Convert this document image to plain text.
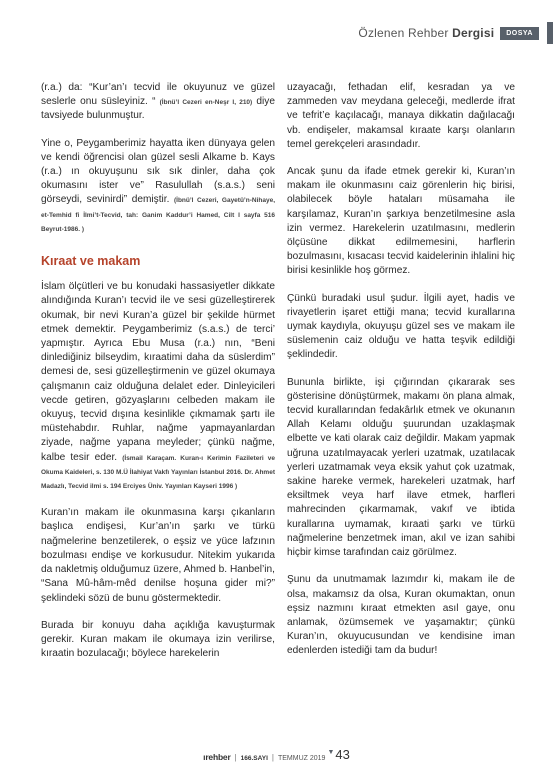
Özlenen Rehber Dergisi	DOSYA

(r.a.) da: “Kur’an’ı tecvid ile okuyunuz ve güzel seslerle onu süsleyiniz. “ (İbnü’l Cezeri en-Neşr I, 210) diye tavsiyede bulunmuştur.

Yine o, Peygamberimiz hayatta iken dünyaya gelen ve kendi öğrencisi olan güzel sesli Alkame b. Kays (r.a.) ın okuyuşunu sık sık dinler, daha çok okumasını ister ve” Rasulullah (s.a.s.) seni görseydi, sevinirdi” demiştir. (İbnü’l Cezeri, Gayetü’n-Nihaye, et-Temhid fi İlmi’t-Tecvid, tah: Ganim Kaddur’i Hamed, Cilt I sayfa 516 Beyrut-1986. )

Kıraat ve makam

İslam ölçütleri ve bu konudaki hassasiyetler dikkate alındığında Kuran’ı tecvid ile ve sesi güzelleştirerek okumak, bir nevi Kuran’a güzel bir şekilde hürmet etmek demektir. Peygamberimiz (s.a.s.) de terci’ yapmıştır. Ayrıca Ebu Musa (r.a.) nın, “Beni dinlediğiniz bilseydim, kıraatimi daha da süslerdim” demesi de, sesi güzelleştirmenin ve güzel okumaya çalışmanın caiz olduğuna delalet eder. Dinleyicileri vecde getiren, gözyaşlarını celbeden makam ile okuyuş, tecvid dışına kesinlikle çıkmamak şartı ile müstehabdır. Ruhlar, nağme yapmayanlardan ziyade, nağme yapana meyleder; çünkü nağme, kalbe tesir eder. (İsmail Karaçam. Kuran-ı Kerimin Fazileteri ve Okuma Kaideleri, s. 130 M.Ü İlahiyat Vakfı Yayınları İstanbul 2016. Dr. Ahmet Madazlı, Tecvid ilmi s. 194 Erciyes Üniv. Yayınları Kayseri 1996 )

Kuran’ın makam ile okunmasına karşı çıkanların başlıca endişesi, Kur’an’ın şarkı ve türkü nağmelerine benzetilerek, o eşsiz ve yüce lafzının bozulması endişe ve korkusudur. Nitekim yukarıda da nakletmiş olduğumuz üzere, Ahmed b. Hanbel’in, “Sana Mû-hâm-mêd denilse hoşuna gider mi?” şeklindeki sözü de bunu göstermektedir.

Burada bir konuyu daha açıklığa kavuşturmak gerekir. Kuran makam ile okumaya izin verilirse, kıraatin bozulacağı; böylece harekelerin

uzayacağı, fethadan elif, kesradan ya ve zammeden vav meydana geleceği, medlerde ifrat ve tefrit’e kaçılacağı, manaya dikkatin dağılacağı vb. endişeler, makamsal kıraate karşı olanların temel gerekçeleri arasındadır.

Ancak şunu da ifade etmek gerekir ki, Kuran’ın makam ile okunmasını caiz görenlerin hiç birisi, olabilecek böyle hataları müsamaha ile karşılamaz, Kuran’ın şarkıya benzetilmesine asla izin vermez. Harekelerin uzatılmasını, medlerin ölçüsüne dikkat edilmemesini, harflerin bozulmasını, kısacası tecvid kaidelerinin ihlalini hiç birisi kesinlikle hoş görmez.

Çünkü buradaki usul şudur. İlgili ayet, hadis ve rivayetlerin işaret ettiği mana; tecvid kurallarına uymak kaydıyla, okuyuşu güzel ses ve makam ile süslemenin caiz olduğu ve hatta teşvik edildiği şeklindedir.

Bununla birlikte, işi çığırından çıkararak ses gösterisine dönüştürmek, makamı ön plana almak, tecvid kurallarından fedakârlık etmek ve okunanın Allah Kelamı olduğu şuurundan uzaklaşmak elbette ve kati olarak caiz değildir. Makam yapmak uğruna uzatılmayacak yerleri uzatmak, uzatılacak yerleri uzatmamak veya eksik yahut çok uzatmak, sakine hareke vermek, harekeleri uzatmak, harf eksiltmek veya harf ilave etmek, harfleri mahrecinden çıkarmamak, vakıf ve ibtida kurallarına uymamak, kıraati şarkı ve türkü nağmelerine benzetmek iman, akıl ve izan sahibi hiçbir kimse tarafından caiz görülmez.

Şunu da unutmamak lazımdır ki, makam ile de olsa, makamsız da olsa, Kuran okumaktan, onun eşsiz nazmını kıraat etmekten asıl gaye, onu anlamak, özümsemek ve yaşamaktır; çünkü Kuran’ın, okuyucusundan ve kendisine iman edenlerden istediği tam da budur!

ırehber | 166.SAYI | TEMMUZ 2019
▼ 43
